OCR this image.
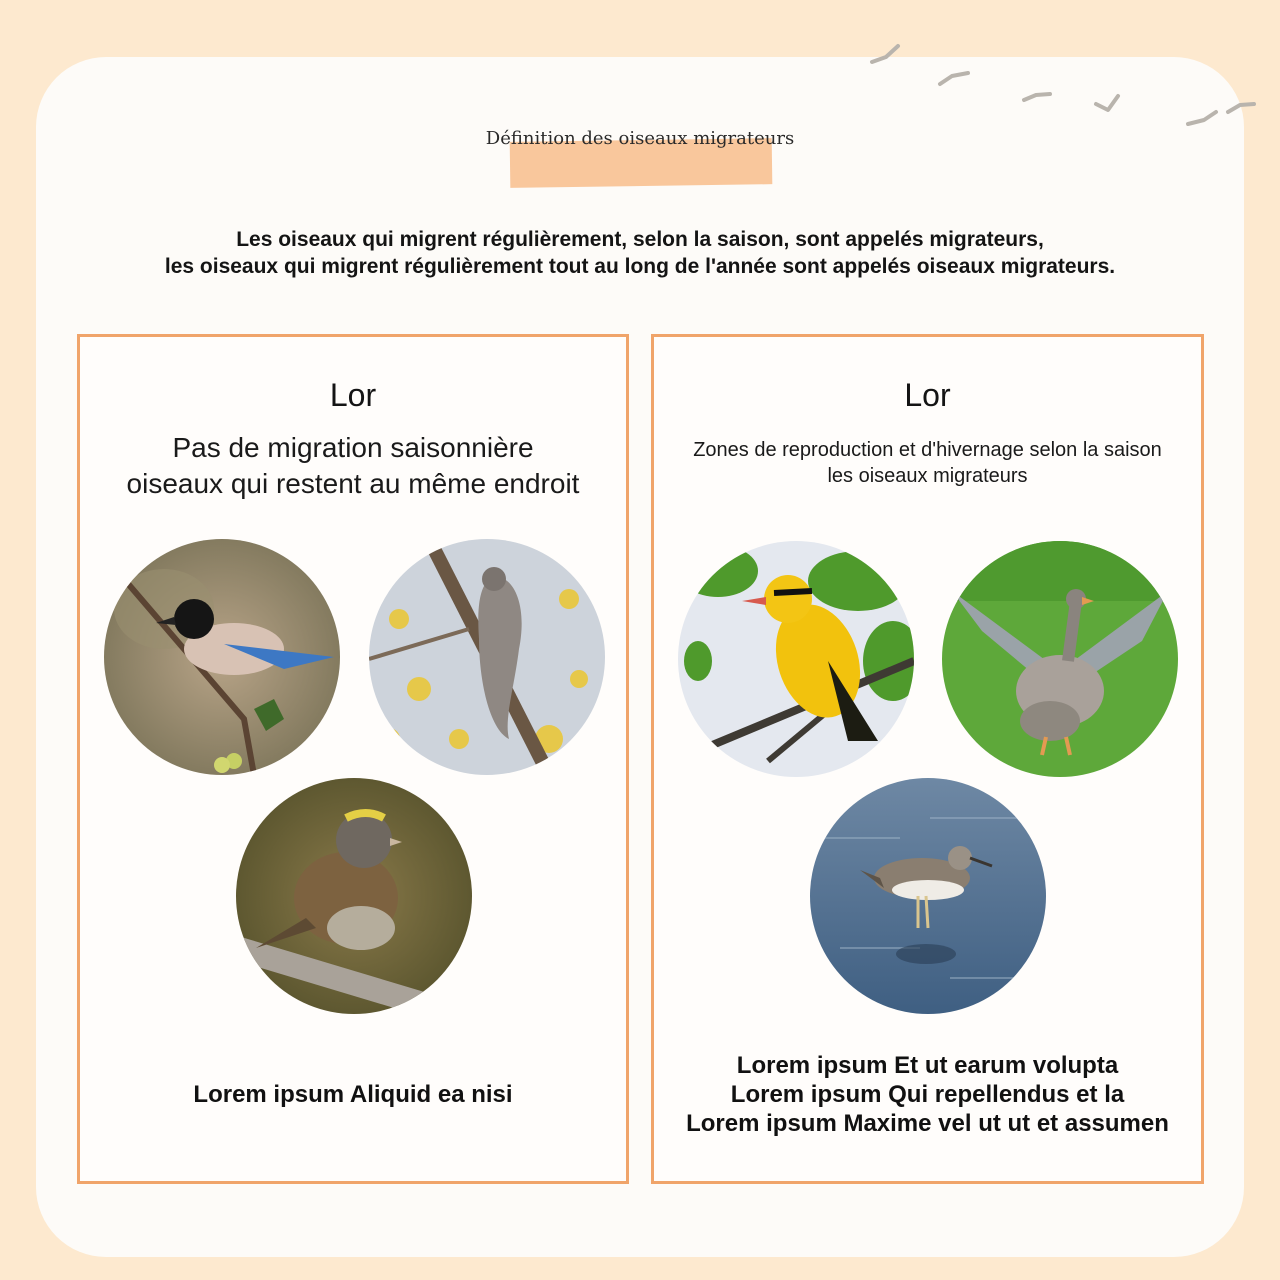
Définition des oiseaux migrateurs
Les oiseaux qui migrent régulièrement, selon la saison, sont appelés migrateurs,
les oiseaux qui migrent régulièrement tout au long de l'année sont appelés oiseaux migrateurs.
Lor
Pas de migration saisonnière
oiseaux qui restent au même endroit
Lorem ipsum Aliquid ea nisi
Lor
Zones de reproduction et d'hivernage selon la saison
les oiseaux migrateurs
Lorem ipsum Et ut earum volupta
Lorem ipsum Qui repellendus et la
Lorem ipsum Maxime vel ut ut et assumen
